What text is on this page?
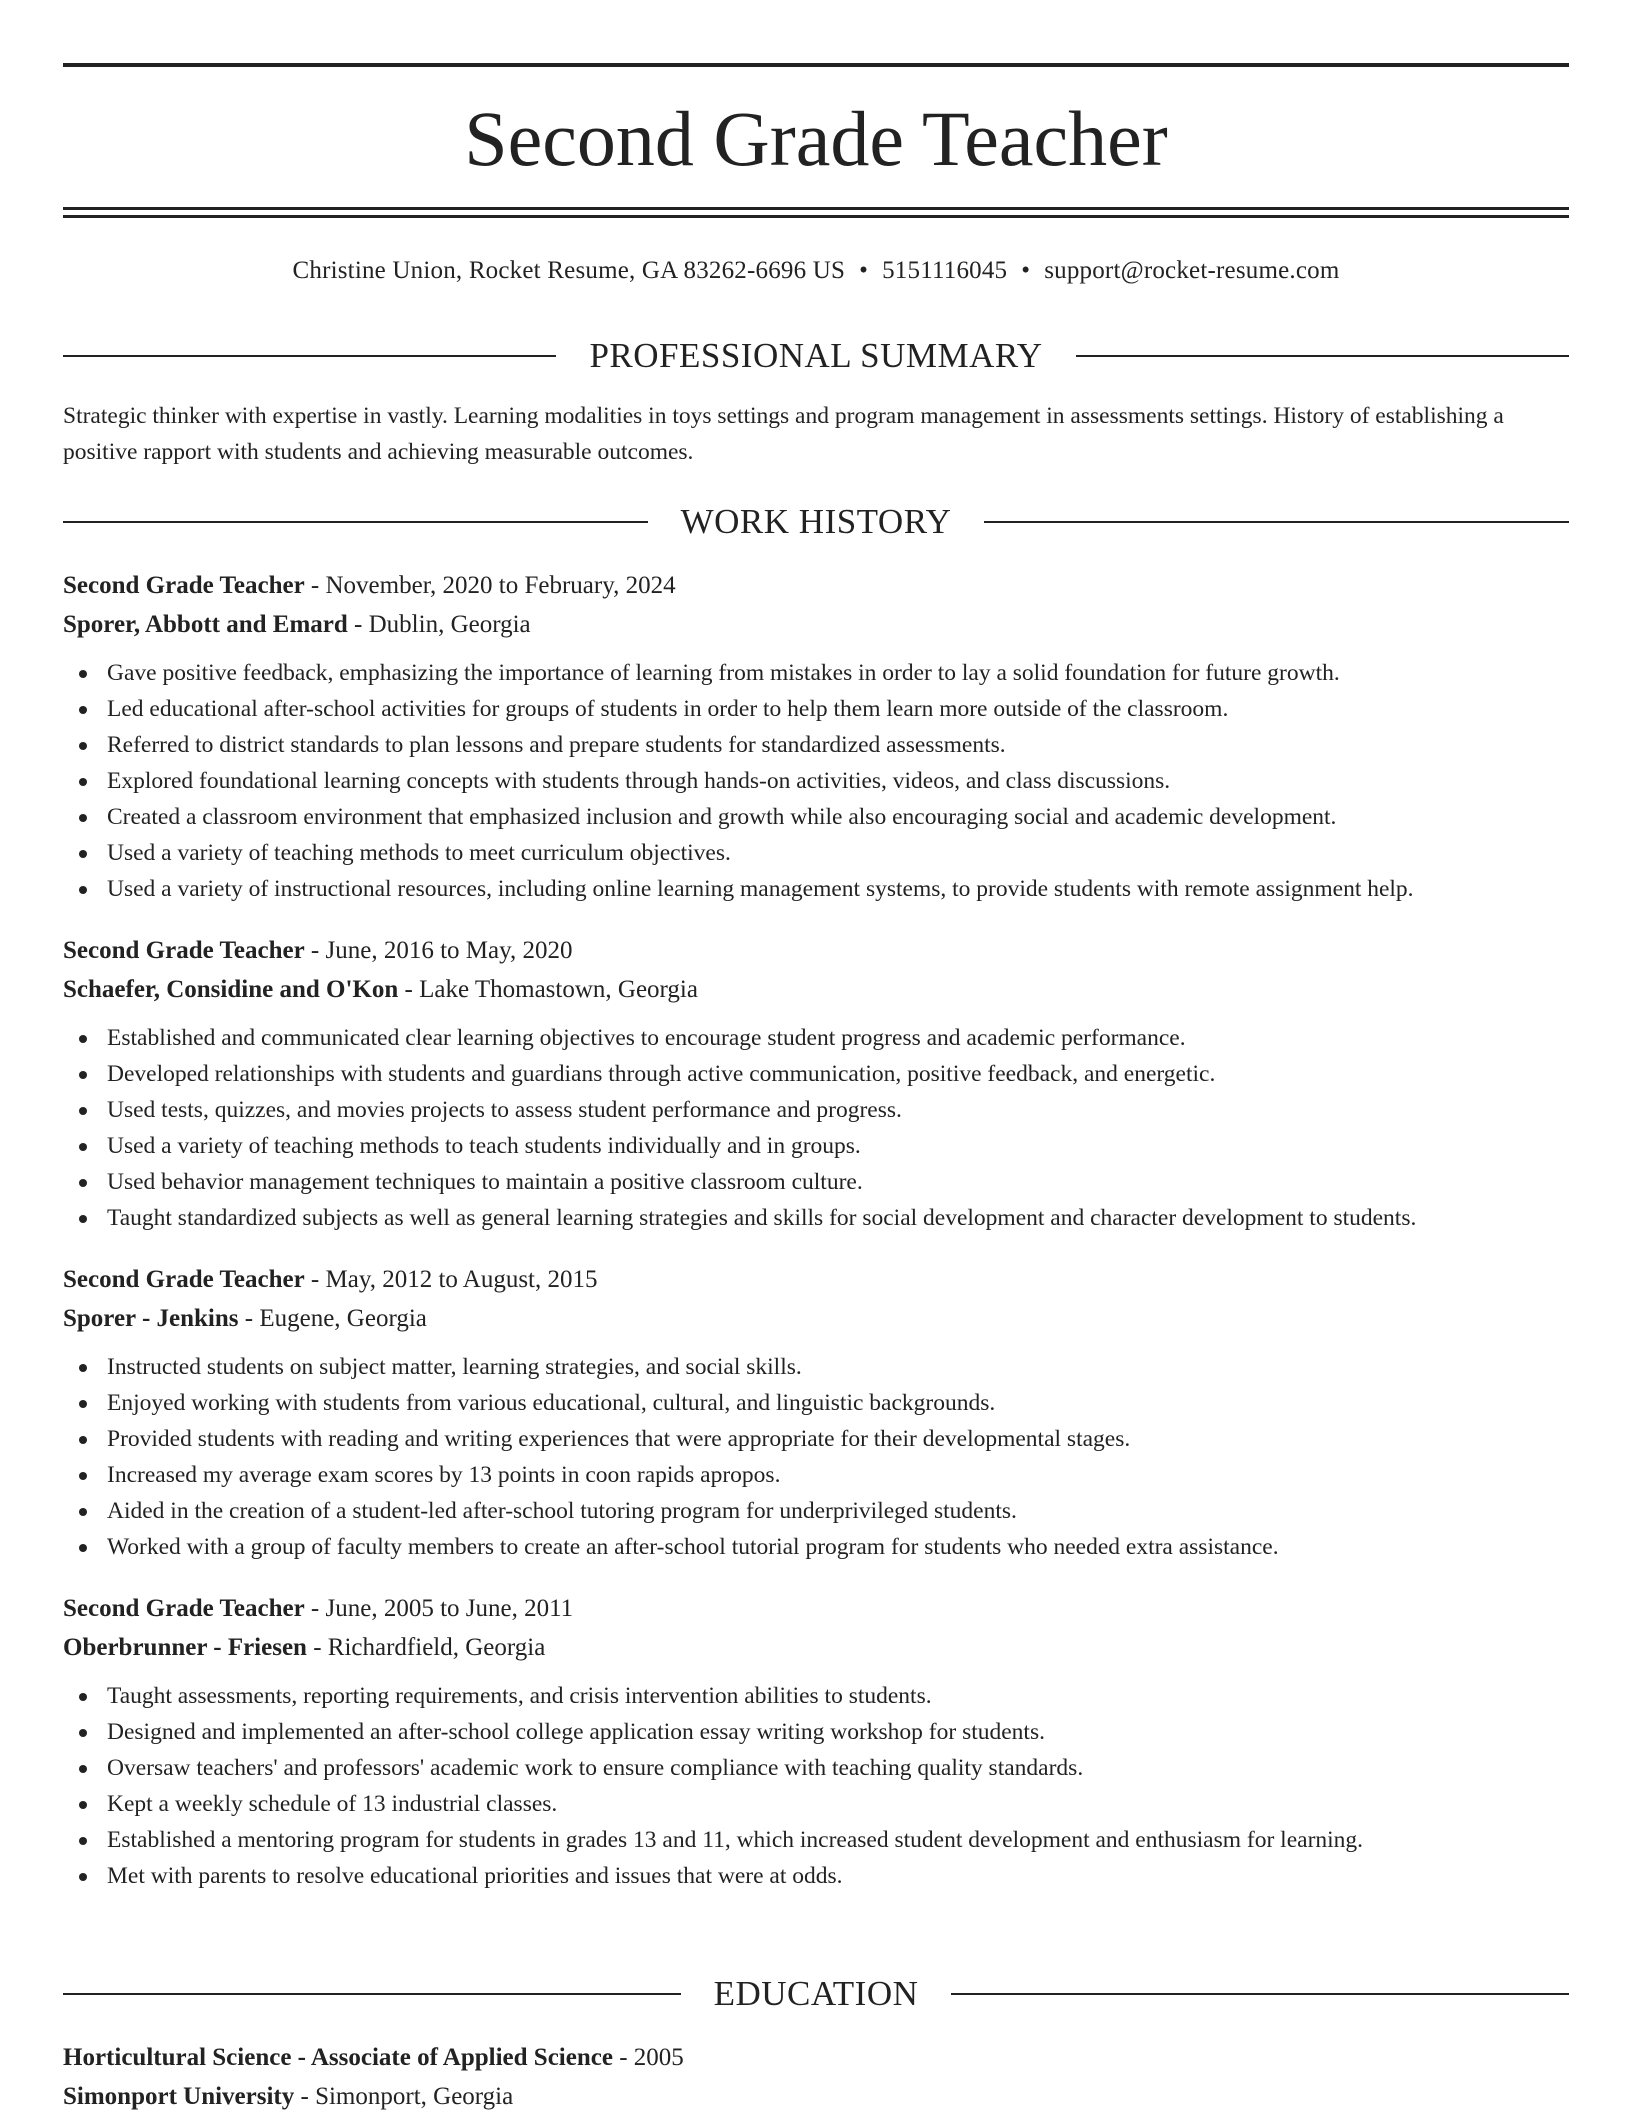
Second Grade Teacher
Christine Union, Rocket Resume, GA 83262-6696 US • 5151116045 • support@rocket-resume.com
PROFESSIONAL SUMMARY

Strategic thinker with expertise in vastly. Learning modalities in toys settings and program management in assessments settings. History of establishing a positive rapport with students and achieving measurable outcomes.

WORK HISTORY
Second Grade Teacher - November, 2020 to February, 2024
Sporer, Abbott and Emard - Dublin, Georgia
Gave positive feedback, emphasizing the importance of learning from mistakes in order to lay a solid foundation for future growth.
Led educational after-school activities for groups of students in order to help them learn more outside of the classroom.
Referred to district standards to plan lessons and prepare students for standardized assessments.
Explored foundational learning concepts with students through hands-on activities, videos, and class discussions.
Created a classroom environment that emphasized inclusion and growth while also encouraging social and academic development.
Used a variety of teaching methods to meet curriculum objectives.
Used a variety of instructional resources, including online learning management systems, to provide students with remote assignment help.
Second Grade Teacher - June, 2016 to May, 2020
Schaefer, Considine and O'Kon - Lake Thomastown, Georgia
Established and communicated clear learning objectives to encourage student progress and academic performance.
Developed relationships with students and guardians through active communication, positive feedback, and energetic.
Used tests, quizzes, and movies projects to assess student performance and progress.
Used a variety of teaching methods to teach students individually and in groups.
Used behavior management techniques to maintain a positive classroom culture.
Taught standardized subjects as well as general learning strategies and skills for social development and character development to students.
Second Grade Teacher - May, 2012 to August, 2015
Sporer - Jenkins - Eugene, Georgia
Instructed students on subject matter, learning strategies, and social skills.
Enjoyed working with students from various educational, cultural, and linguistic backgrounds.
Provided students with reading and writing experiences that were appropriate for their developmental stages.
Increased my average exam scores by 13 points in coon rapids apropos.
Aided in the creation of a student-led after-school tutoring program for underprivileged students.
Worked with a group of faculty members to create an after-school tutorial program for students who needed extra assistance.
Second Grade Teacher - June, 2005 to June, 2011
Oberbrunner - Friesen - Richardfield, Georgia
Taught assessments, reporting requirements, and crisis intervention abilities to students.
Designed and implemented an after-school college application essay writing workshop for students.
Oversaw teachers' and professors' academic work to ensure compliance with teaching quality standards.
Kept a weekly schedule of 13 industrial classes.
Established a mentoring program for students in grades 13 and 11, which increased student development and enthusiasm for learning.
Met with parents to resolve educational priorities and issues that were at odds.
EDUCATION
Horticultural Science - Associate of Applied Science - 2005
Simonport University - Simonport, Georgia
